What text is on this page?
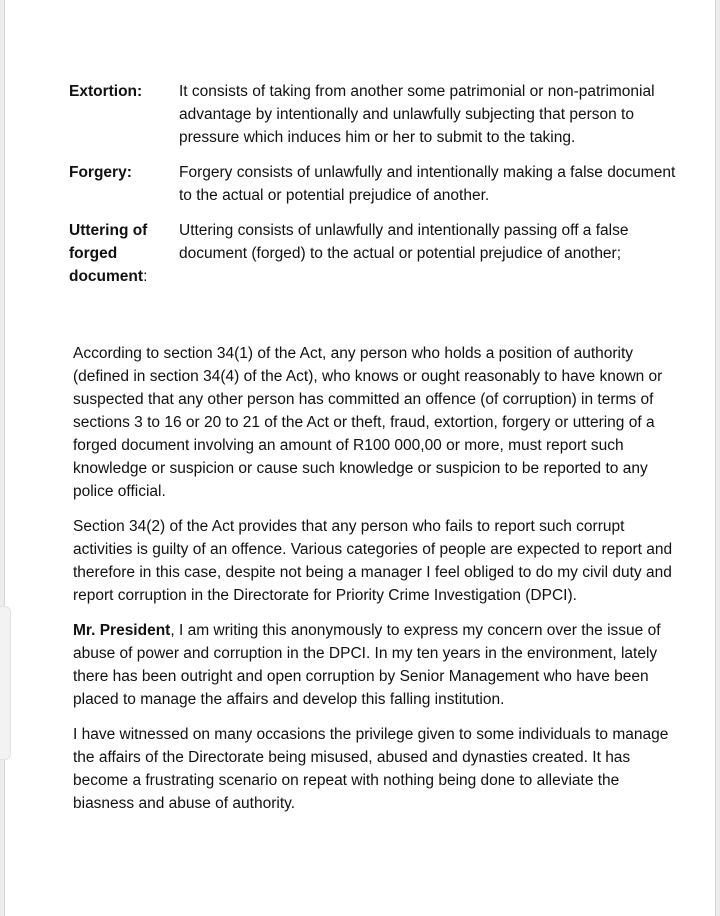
Extortion:	It consists of taking from another some patrimonial or non-patrimonial advantage by intentionally and unlawfully subjecting that person to pressure which induces him or her to submit to the taking.
Forgery:	Forgery consists of unlawfully and intentionally making a false document to the actual or potential prejudice of another.
Uttering of
forged
document:
Uttering consists of unlawfully and intentionally passing off a false document (forged) to the actual or potential prejudice of another;

According to section 34(1) of the Act, any person who holds a position of authority (defined in section 34(4) of the Act), who knows or ought reasonably to have known or suspected that any other person has committed an offence (of corruption) in terms of sections 3 to 16 or 20 to 21 of the Act or theft, fraud, extortion, forgery or uttering of a forged document involving an amount of R100 000,00 or more, must report such knowledge or suspicion or cause such knowledge or suspicion to be reported to any police official.

Section 34(2) of the Act provides that any person who fails to report such corrupt activities is guilty of an offence. Various categories of people are expected to report and therefore in this case, despite not being a manager I feel obliged to do my civil duty and report corruption in the Directorate for Priority Crime Investigation (DPCI).

Mr. President, I am writing this anonymously to express my concern over the issue of abuse of power and corruption in the DPCI. In my ten years in the environment, lately there has been outright and open corruption by Senior Management who have been placed to manage the affairs and develop this falling institution.

I have witnessed on many occasions the privilege given to some individuals to manage the affairs of the Directorate being misused, abused and dynasties created. It has become a frustrating scenario on repeat with nothing being done to alleviate the biasness and abuse of authority.
